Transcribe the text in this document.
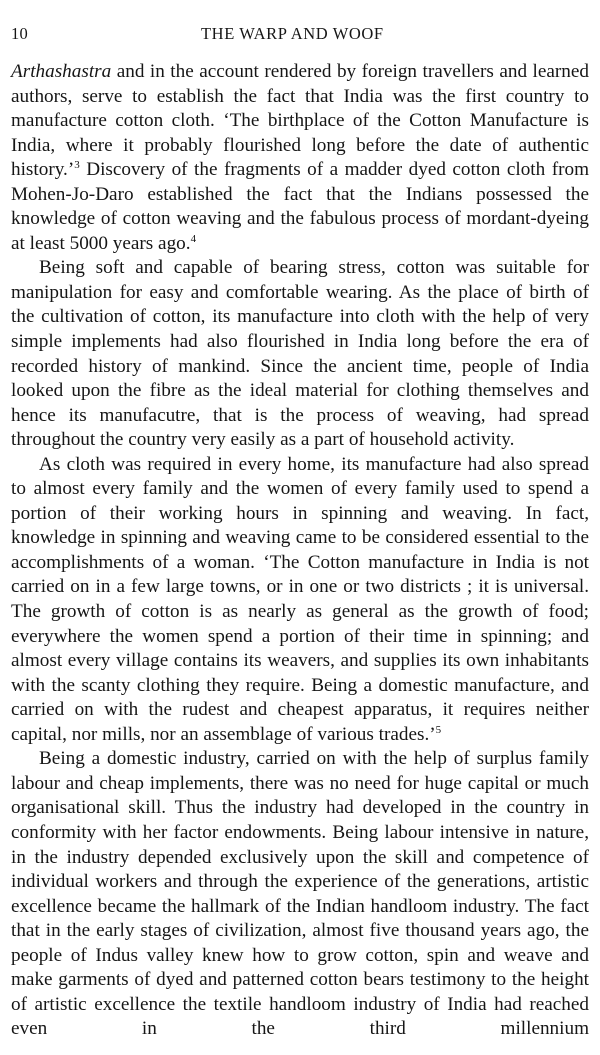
10	THE WARP AND WOOF

Arthashastra and in the account rendered by foreign travellers and learned authors, serve to establish the fact that India was the first country to manufacture cotton cloth. ‘The birthplace of the Cotton Manufacture is India, where it probably flourished long before the date of authentic history.’$^3$ Discovery of the fragments of a madder dyed cotton cloth from Mohen-Jo-Daro established the fact that the Indians possessed the knowledge of cotton weaving and the fabulous process of mordant-dyeing at least 5000 years ago.$^4$

Being soft and capable of bearing stress, cotton was suitable for manipulation for easy and comfortable wearing. As the place of birth of the cultivation of cotton, its manufacture into cloth with the help of very simple implements had also flourished in India long before the era of recorded history of mankind. Since the ancient time, people of India looked upon the fibre as the ideal material for clothing themselves and hence its manufacutre, that is the process of weaving, had spread throughout the country very easily as a part of household activity.

As cloth was required in every home, its manufacture had also spread to almost every family and the women of every family used to spend a portion of their working hours in spinning and weaving. In fact, knowledge in spinning and weaving came to be considered essential to the accomplishments of a woman. ‘The Cotton manufacture in India is not carried on in a few large towns, or in one or two districts ; it is universal. The growth of cotton is as nearly as general as the growth of food; everywhere the women spend a portion of their time in spinning; and almost every village contains its weavers, and supplies its own inhabitants with the scanty clothing they require. Being a domestic manufacture, and carried on with the rudest and cheapest apparatus, it requires neither capital, nor mills, nor an assemblage of various trades.’$^5$

Being a domestic industry, carried on with the help of surplus family labour and cheap implements, there was no need for huge capital or much organisational skill. Thus the industry had developed in the country in conformity with her factor endowments. Being labour intensive in nature, in the industry depended exclusively upon the skill and competence of individual workers and through the experience of the generations, artistic excellence became the hallmark of the Indian handloom industry. The fact that in the early stages of civilization, almost five thousand years ago, the people of Indus valley knew how to grow cotton, spin and weave and make garments of dyed and patterned cotton bears testimony to the height of artistic excellence the textile handloom industry of India had reached even in the third millennium
